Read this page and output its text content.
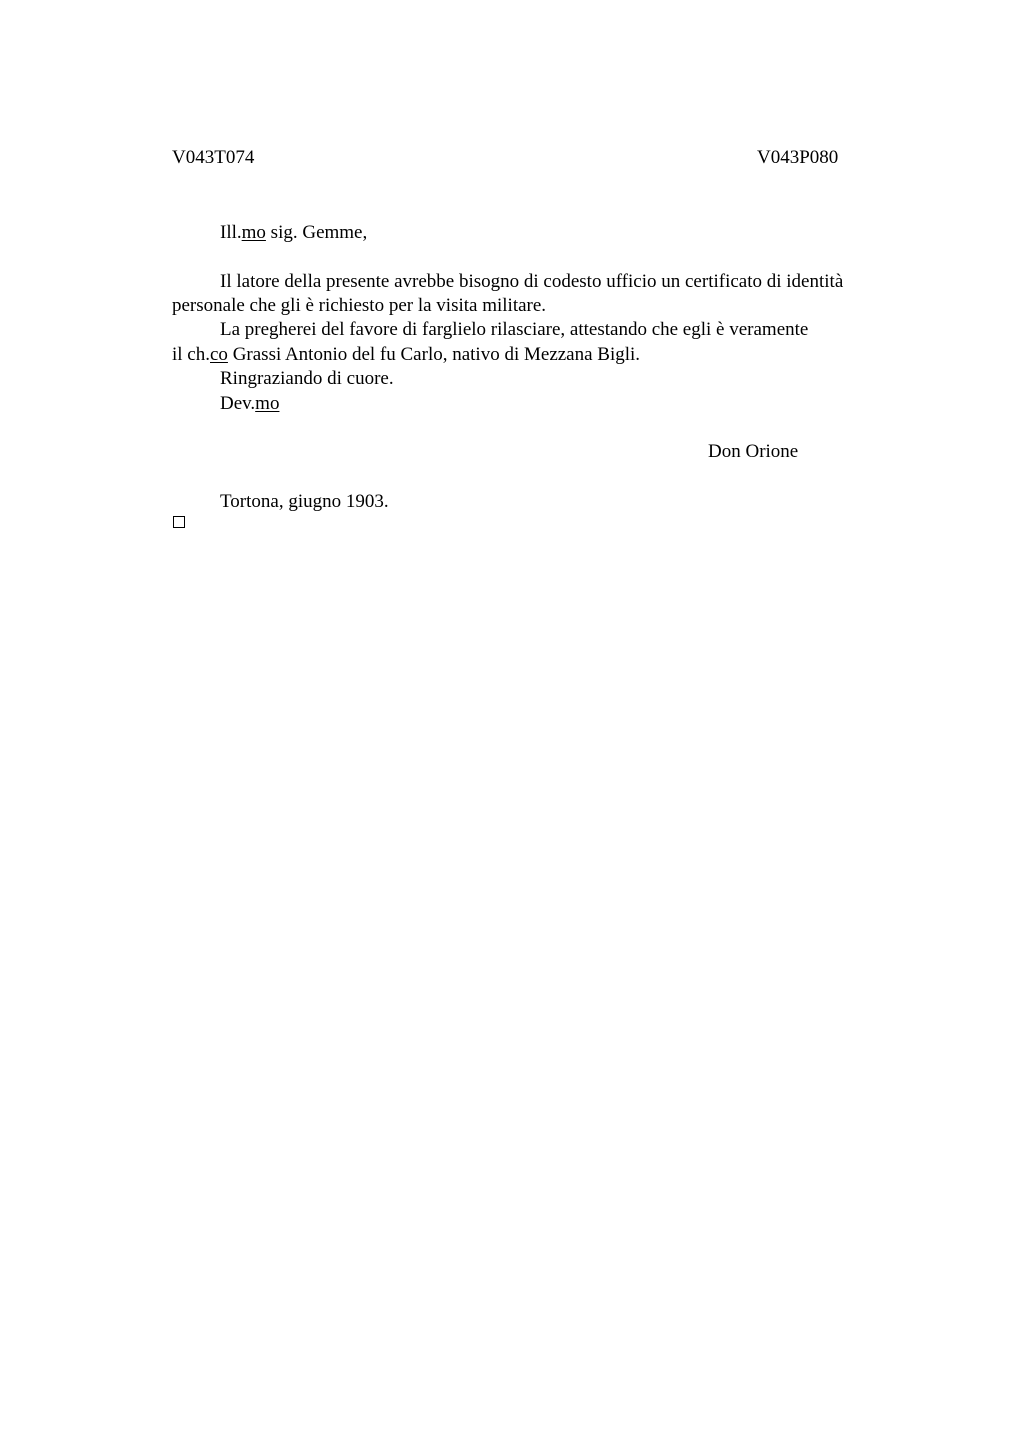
V043T074	V043P080
Ill.mo sig. Gemme,
Il latore della presente avrebbe bisogno di codesto ufficio un certificato di identità
personale che gli è richiesto per la visita militare.
La pregherei del favore di farglielo rilasciare, attestando che egli è veramente
il ch.co Grassi Antonio del fu Carlo, nativo di Mezzana Bigli.
Ringraziando di cuore.
Dev.mo
Don Orione
Tortona, giugno 1903.
